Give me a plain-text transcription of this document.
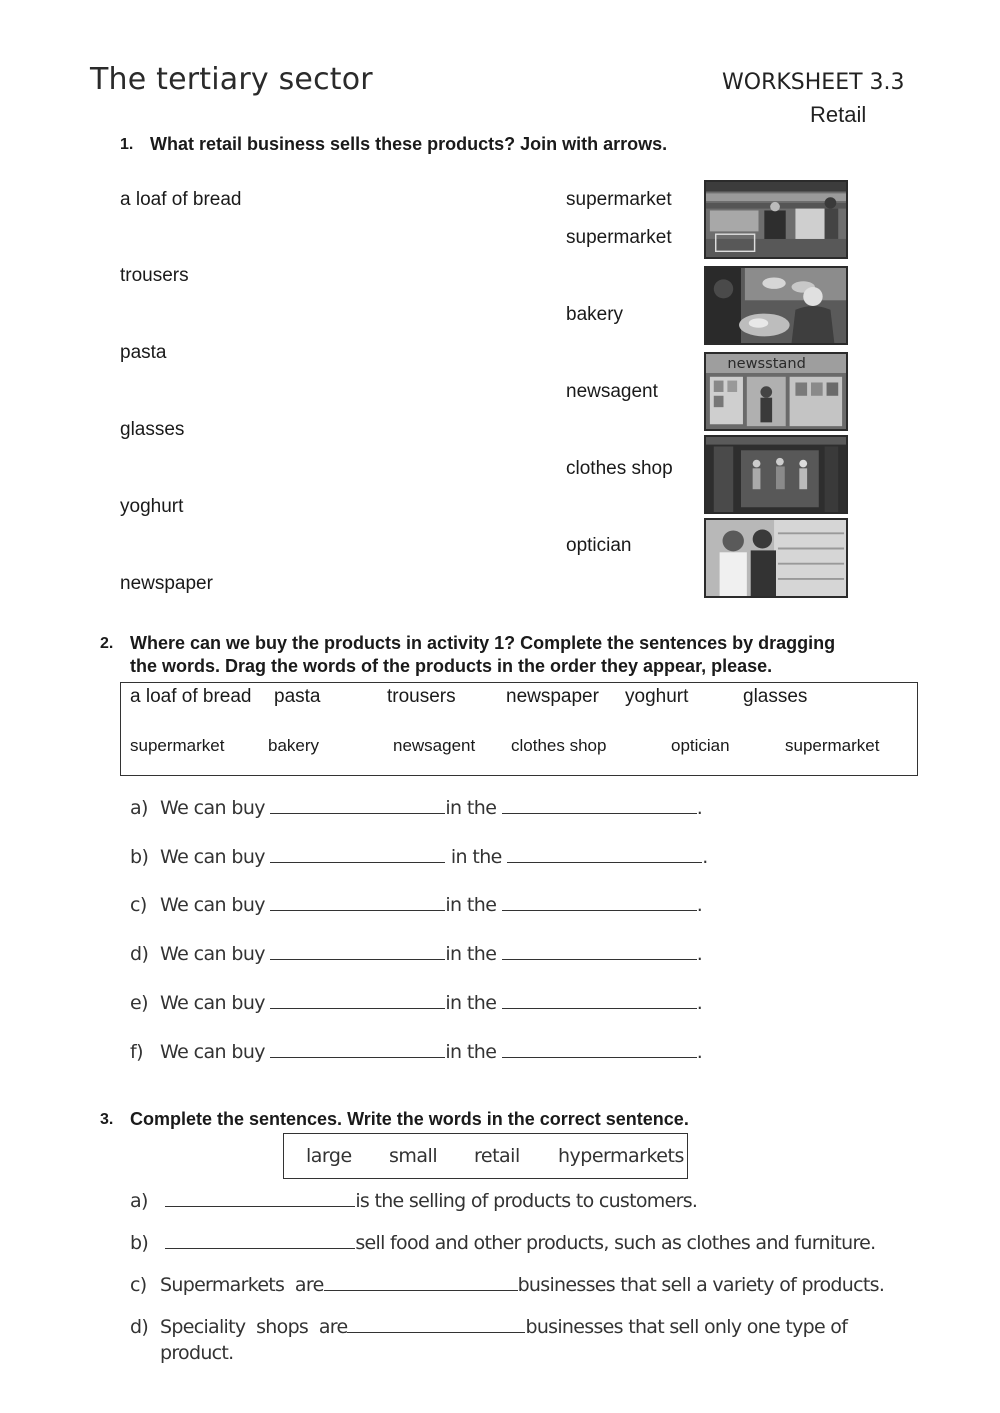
The tertiary sector	WORKSHEET 3.3
Retail
1. What retail business sells these products? Join with arrows.
a loaf of bread
trousers
pasta
glasses
yoghurt
newspaper
supermarket
supermarket
bakery
newsagent
clothes shop
optician
newsstand
2. Where can we buy the products in activity 1? Complete the sentences by dragging
the words. Drag the words of the products in the order they appear, please.
a loaf of bread pasta	trousers	newspaper yoghurt	glasses
supermarket	bakery	newsagent clothes shop	optician	supermarket
a) We can buy	in the	.
b) We can buy	in the	.
c) We can buy	in the	.
d) We can buy	in the	.
e) We can buy	in the	.
f) We can buy	in the	.
3. Complete the sentences. Write the words in the correct sentence.
large small retail hypermarkets
a)	is the selling of products to customers.
b)	sell food and other products, such as clothes and furniture.
c) Supermarkets  are	businesses that sell a variety of products.
d) Speciality  shops  are	businesses that sell only one type of
product.
